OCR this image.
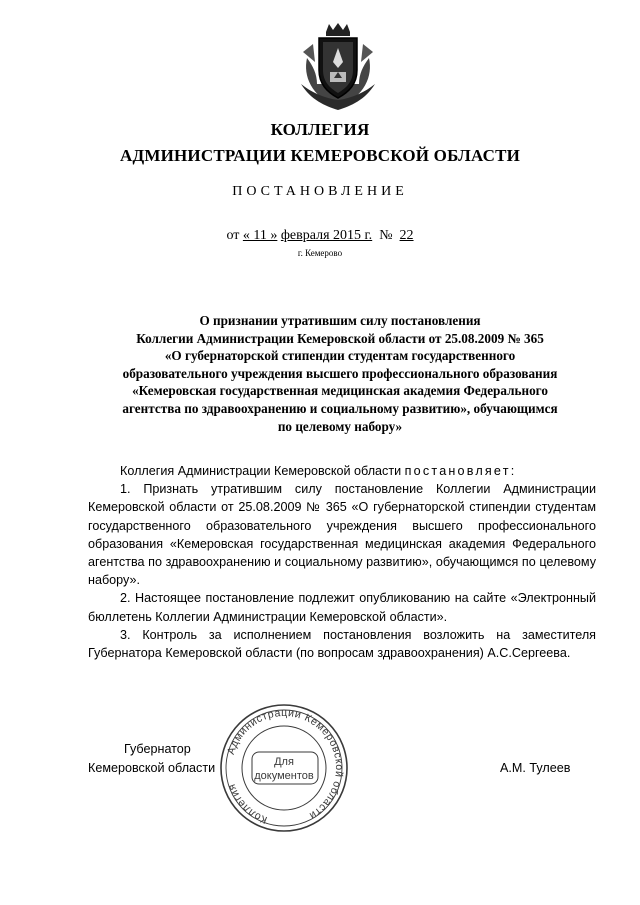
КОЛЛЕГИЯ
АДМИНИСТРАЦИИ КЕМЕРОВСКОЙ ОБЛАСТИ
ПОСТАНОВЛЕНИЕ
от « 11 » февраля 2015 г. № 22
г. Кемерово
О признании утратившим силу постановления
Коллегии Администрации Кемеровской области от 25.08.2009 № 365
«О губернаторской стипендии студентам государственного
образовательного учреждения высшего профессионального образования
«Кемеровская государственная медицинская академия Федерального
агентства по здравоохранению и социальному развитию», обучающимся
по целевому набору»

Коллегия Администрации Кемеровской области постановляет:

1. Признать утратившим силу постановление Коллегии Администрации Кемеровской области от 25.08.2009 № 365 «О губернаторской стипендии студентам государственного образовательного учреждения высшего профессионального образования «Кемеровская государственная медицинская академия Федерального агентства по здравоохранению и социальному развитию», обучающимся по целевому набору».

2. Настоящее постановление подлежит опубликованию на сайте «Электронный бюллетень Коллегии Администрации Кемеровской области».

3. Контроль за исполнением постановления возложить на заместителя Губернатора Кемеровской области (по вопросам здравоохранения) А.С.Сергеева.

Губернатор
Кемеровской области	А.М. Тулеев
Администрации Кемеровской области
Коллегия
Для
документов
